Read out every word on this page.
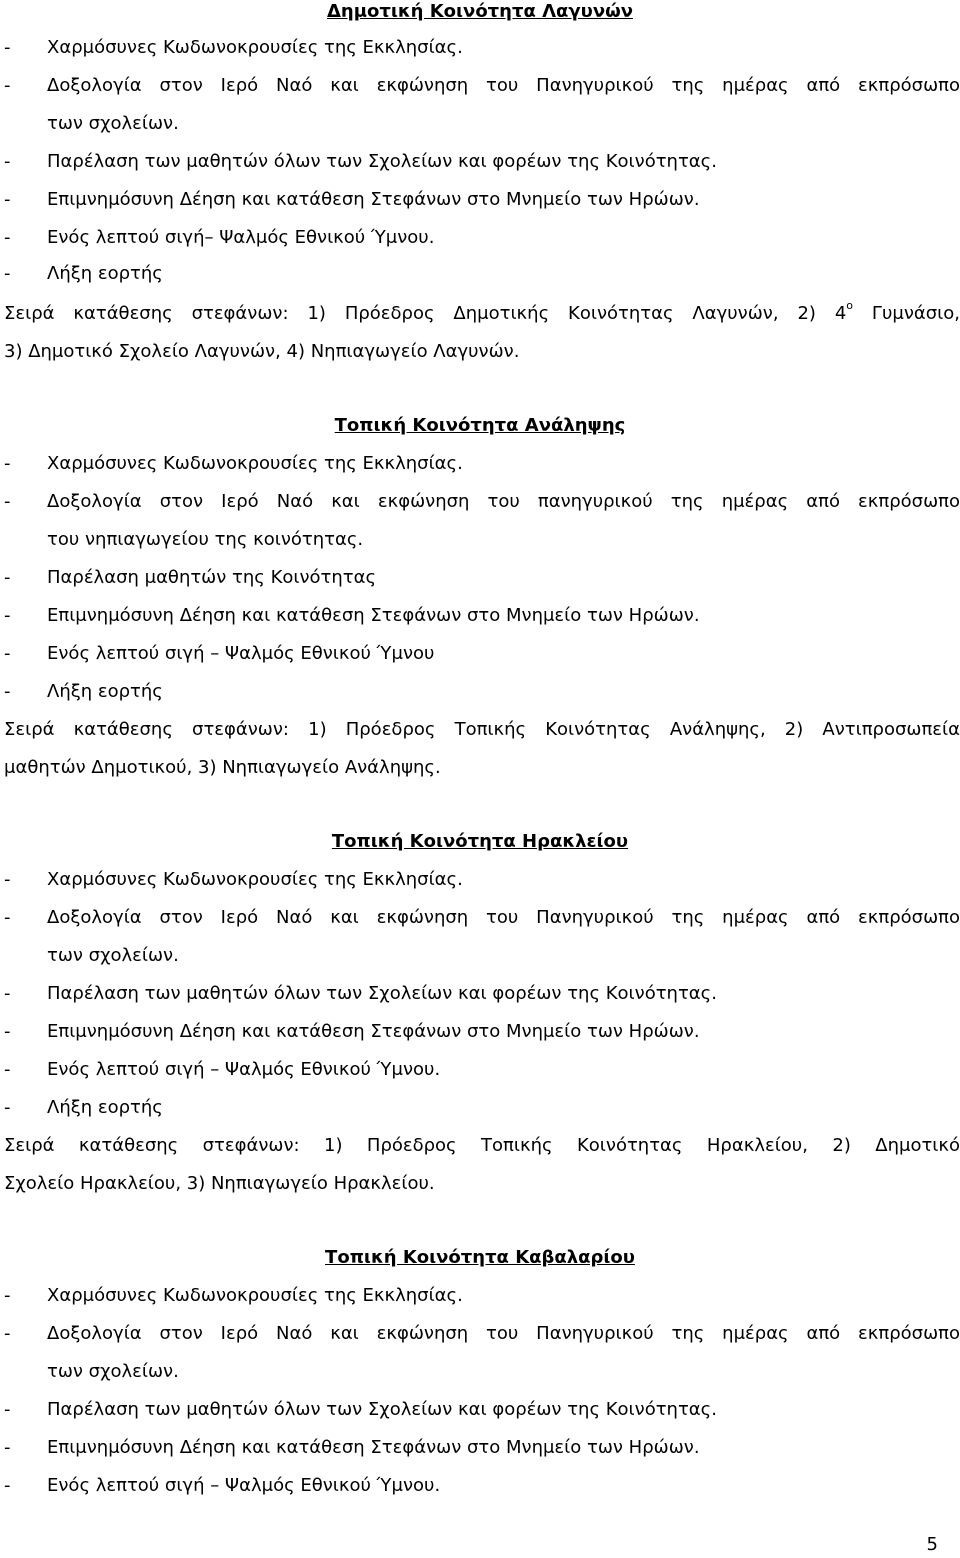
Δημοτική Κοινότητα Λαγυνών
- Χαρμόσυνες Κωδωνοκρουσίες της Εκκλησίας.
- Δοξολογία στον Ιερό Ναό και εκφώνηση του Πανηγυρικού της ημέρας από εκπρόσωπο
των σχολείων.
- Παρέλαση των μαθητών όλων των Σχολείων και φορέων της Κοινότητας.
- Επιμνημόσυνη Δέηση και κατάθεση Στεφάνων στο Μνημείο των Ηρώων.
- Ενός λεπτού σιγή– Ψαλμός Εθνικού Ύμνου.
- Λήξη εορτής
Σειρά κατάθεσης στεφάνων: 1) Πρόεδρος Δημοτικής Κοινότητας Λαγυνών, 2) $4^o$ Γυμνάσιο,
3) Δημοτικό Σχολείο Λαγυνών, 4) Νηπιαγωγείο Λαγυνών.
Τοπική Κοινότητα Ανάληψης
- Χαρμόσυνες Κωδωνοκρουσίες της Εκκλησίας.
- Δοξολογία στον Ιερό Ναό και εκφώνηση του πανηγυρικού της ημέρας από εκπρόσωπο
του νηπιαγωγείου της κοινότητας.
- Παρέλαση μαθητών της Κοινότητας
- Επιμνημόσυνη Δέηση και κατάθεση Στεφάνων στο Μνημείο των Ηρώων.
- Ενός λεπτού σιγή – Ψαλμός Εθνικού Ύμνου
- Λήξη εορτής
Σειρά κατάθεσης στεφάνων: 1) Πρόεδρος Τοπικής Κοινότητας Ανάληψης, 2) Αντιπροσωπεία
μαθητών Δημοτικού, 3) Νηπιαγωγείο Ανάληψης.
Τοπική Κοινότητα Ηρακλείου
- Χαρμόσυνες Κωδωνοκρουσίες της Εκκλησίας.
- Δοξολογία στον Ιερό Ναό και εκφώνηση του Πανηγυρικού της ημέρας από εκπρόσωπο
των σχολείων.
- Παρέλαση των μαθητών όλων των Σχολείων και φορέων της Κοινότητας.
- Επιμνημόσυνη Δέηση και κατάθεση Στεφάνων στο Μνημείο των Ηρώων.
- Ενός λεπτού σιγή – Ψαλμός Εθνικού Ύμνου.
- Λήξη εορτής
Σειρά κατάθεσης στεφάνων: 1) Πρόεδρος Τοπικής Κοινότητας Ηρακλείου, 2) Δημοτικό
Σχολείο Ηρακλείου, 3) Νηπιαγωγείο Ηρακλείου.
Τοπική Κοινότητα Καβαλαρίου
- Χαρμόσυνες Κωδωνοκρουσίες της Εκκλησίας.
- Δοξολογία στον Ιερό Ναό και εκφώνηση του Πανηγυρικού της ημέρας από εκπρόσωπο
των σχολείων.
- Παρέλαση των μαθητών όλων των Σχολείων και φορέων της Κοινότητας.
- Επιμνημόσυνη Δέηση και κατάθεση Στεφάνων στο Μνημείο των Ηρώων.
- Ενός λεπτού σιγή – Ψαλμός Εθνικού Ύμνου.
5
